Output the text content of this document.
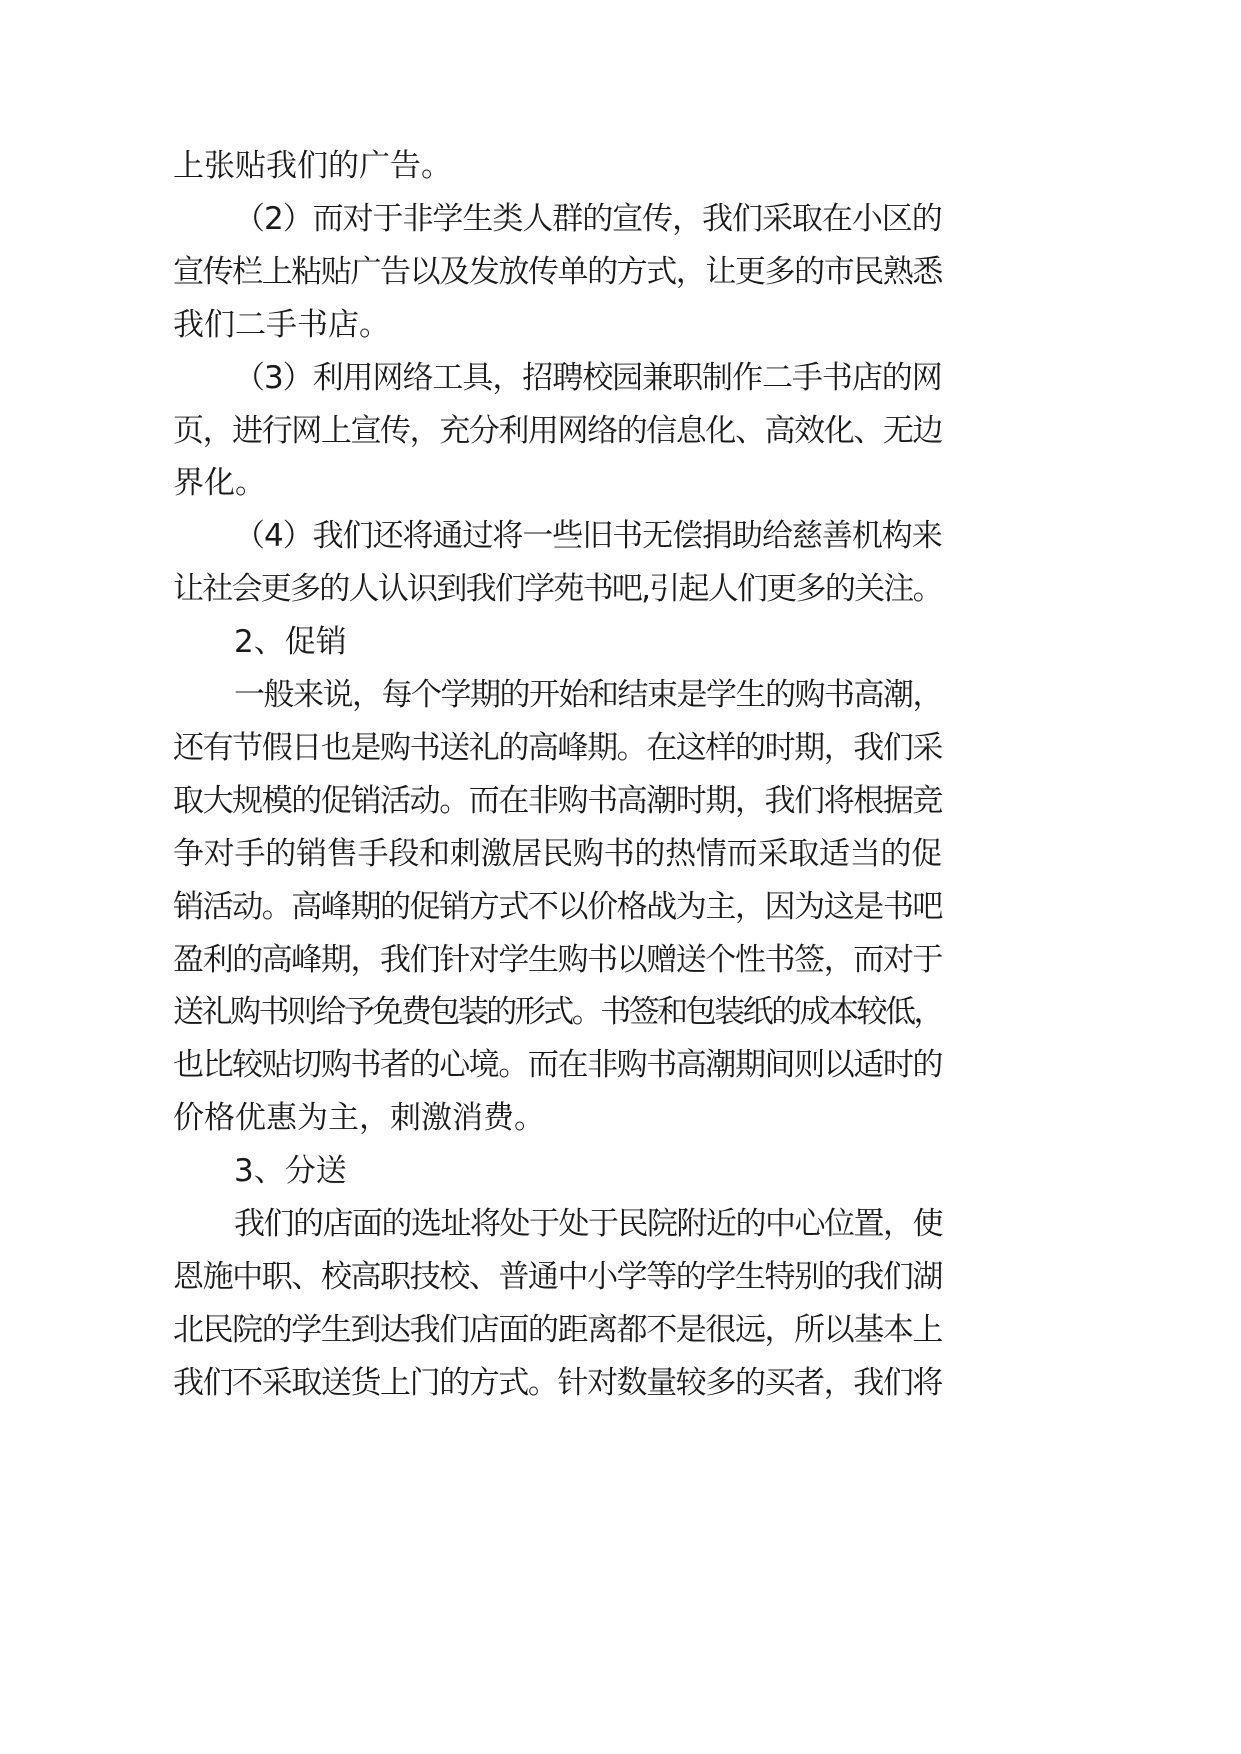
上张贴我们的广告。
（2）而对于非学生类人群的宣传，我们采取在小区的
宣传栏上粘贴广告以及发放传单的方式，让更多的市民熟悉
我们二手书店。
（3）利用网络工具，招聘校园兼职制作二手书店的网
页，进行网上宣传，充分利用网络的信息化、高效化、无边
界化。
（4）我们还将通过将一些旧书无偿捐助给慈善机构来
让社会更多的人认识到我们学苑书吧,引起人们更多的关注。
2、促销
一般来说，每个学期的开始和结束是学生的购书高潮，
还有节假日也是购书送礼的高峰期。在这样的时期，我们采
取大规模的促销活动。而在非购书高潮时期，我们将根据竞
争对手的销售手段和刺激居民购书的热情而采取适当的促
销活动。高峰期的促销方式不以价格战为主，因为这是书吧
盈利的高峰期，我们针对学生购书以赠送个性书签，而对于
送礼购书则给予免费包装的形式。书签和包装纸的成本较低，
也比较贴切购书者的心境。而在非购书高潮期间则以适时的
价格优惠为主，刺激消费。
3、分送
我们的店面的选址将处于处于民院附近的中心位置，使
恩施中职、校高职技校、普通中小学等的学生特别的我们湖
北民院的学生到达我们店面的距离都不是很远，所以基本上
我们不采取送货上门的方式。针对数量较多的买者，我们将
